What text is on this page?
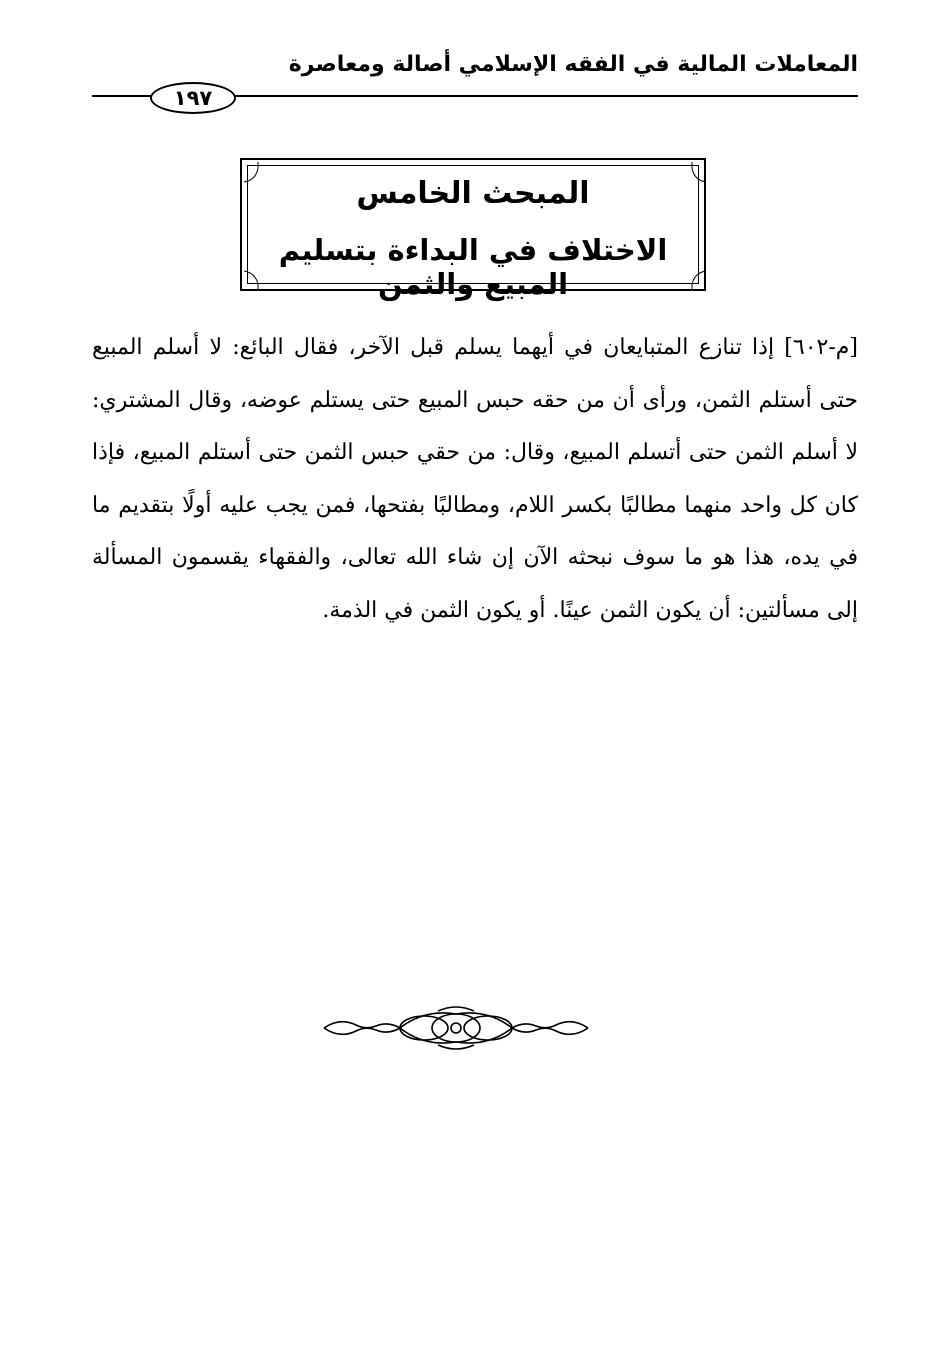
المعاملات المالية في الفقه الإسلامي أصالة ومعاصرة
١٩٧
المبحث الخامس
الاختلاف في البداءة بتسليم المبيع والثمن
[م-٦٠٢] إذا تنازع المتبايعان في أيهما يسلم قبل الآخر، فقال البائع: لا أسلم المبيع حتى أستلم الثمن، ورأى أن من حقه حبس المبيع حتى يستلم عوضه، وقال المشتري: لا أسلم الثمن حتى أتسلم المبيع، وقال: من حقي حبس الثمن حتى أستلم المبيع، فإذا كان كل واحد منهما مطالبًا بكسر اللام، ومطالبًا بفتحها، فمن يجب عليه أولًا بتقديم ما في يده، هذا هو ما سوف نبحثه الآن إن شاء الله تعالى، والفقهاء يقسمون المسألة إلى مسألتين: أن يكون الثمن عينًا. أو يكون الثمن في الذمة.
